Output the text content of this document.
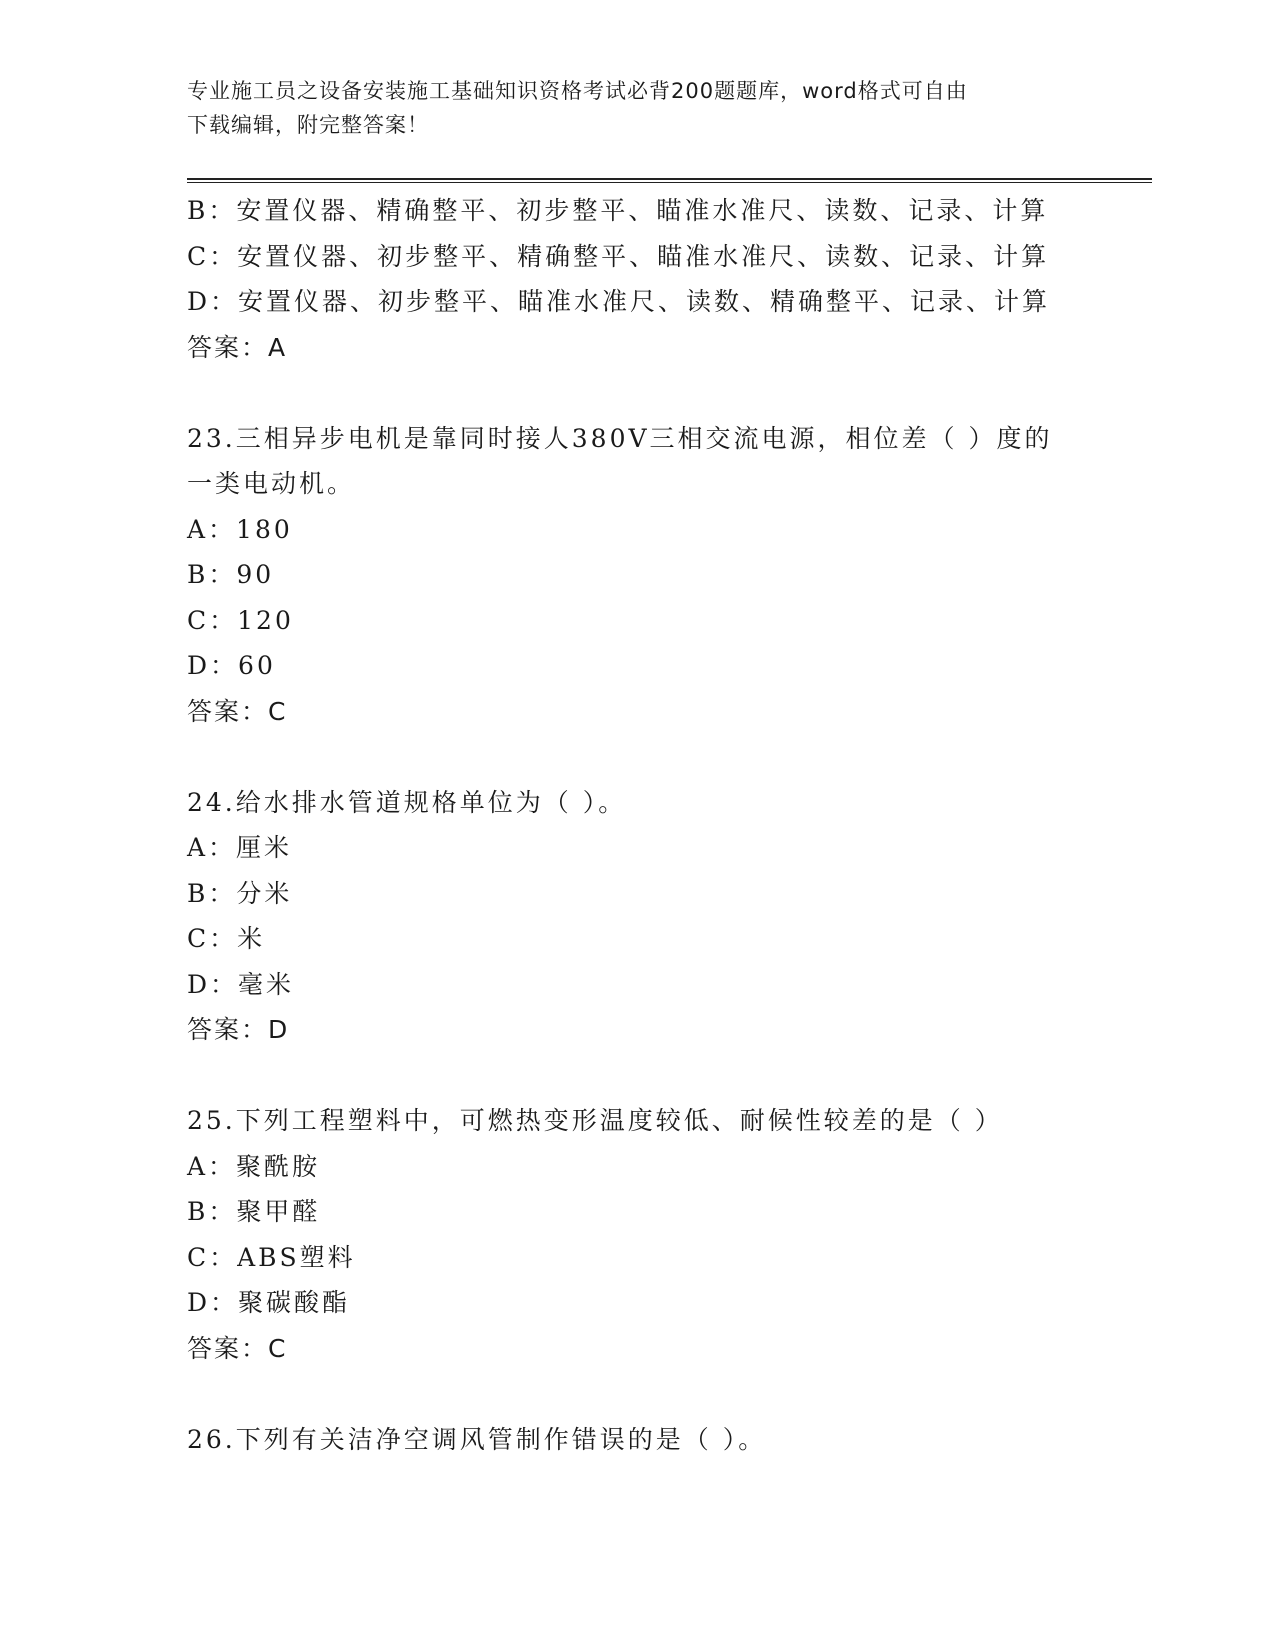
专业施工员之设备安装施工基础知识资格考试必背200题题库，word格式可自由
下载编辑，附完整答案！
B：安置仪器、精确整平、初步整平、瞄准水准尺、读数、记录、计算
C：安置仪器、初步整平、精确整平、瞄准水准尺、读数、记录、计算
D：安置仪器、初步整平、瞄准水准尺、读数、精确整平、记录、计算
答案：A
23.三相异步电机是靠同时接人380V三相交流电源，相位差（ ）度的
一类电动机。
A：180
B：90
C：120
D：60
答案：C
24.给水排水管道规格单位为（ ）。
A：厘米
B：分米
C：米
D：毫米
答案：D
25.下列工程塑料中，可燃热变形温度较低、耐候性较差的是（ ）
A：聚酰胺
B：聚甲醛
C：ABS塑料
D：聚碳酸酯
答案：C
26.下列有关洁净空调风管制作错误的是（ ）。
